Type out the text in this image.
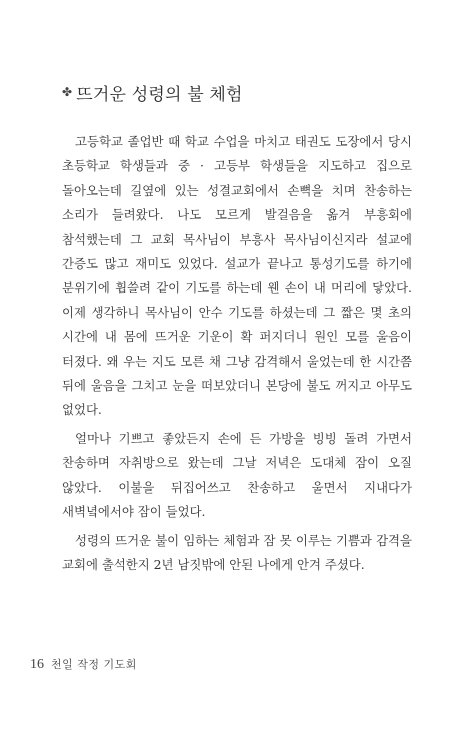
✤ 뜨거운 성령의 불 체험

고등학교 졸업반 때 학교 수업을 마치고 태권도 도장에서 당시 초등학교 학생들과 중 · 고등부 학생들을 지도하고 집으로 돌아오는데 길옆에 있는 성결교회에서 손뼉을 치며 찬송하는 소리가 들려왔다. 나도 모르게 발걸음을 옮겨 부흥회에 참석했는데 그 교회 목사님이 부흥사 목사님이신지라 설교에 간증도 많고 재미도 있었다. 설교가 끝나고 통성기도를 하기에 분위기에 휩쓸려 같이 기도를 하는데 웬 손이 내 머리에 닿았다. 이제 생각하니 목사님이 안수 기도를 하셨는데 그 짧은 몇 초의 시간에 내 몸에 뜨거운 기운이 확 퍼지더니 원인 모를 울음이 터졌다. 왜 우는 지도 모른 채 그냥 감격해서 울었는데 한 시간쯤 뒤에 울음을 그치고 눈을 떠보았더니 본당에 불도 꺼지고 아무도 없었다.

얼마나 기쁘고 좋았든지 손에 든 가방을 빙빙 돌려 가면서 찬송하며 자취방으로 왔는데 그날 저녁은 도대체 잠이 오질 않았다. 이불을 뒤집어쓰고 찬송하고 울면서 지내다가 새벽녘에서야 잠이 들었다.

성령의 뜨거운 불이 임하는 체험과 잠 못 이루는 기쁨과 감격을 교회에 출석한지 2년 남짓밖에 안된 나에게 안겨 주셨다.

16 천일 작정 기도회
